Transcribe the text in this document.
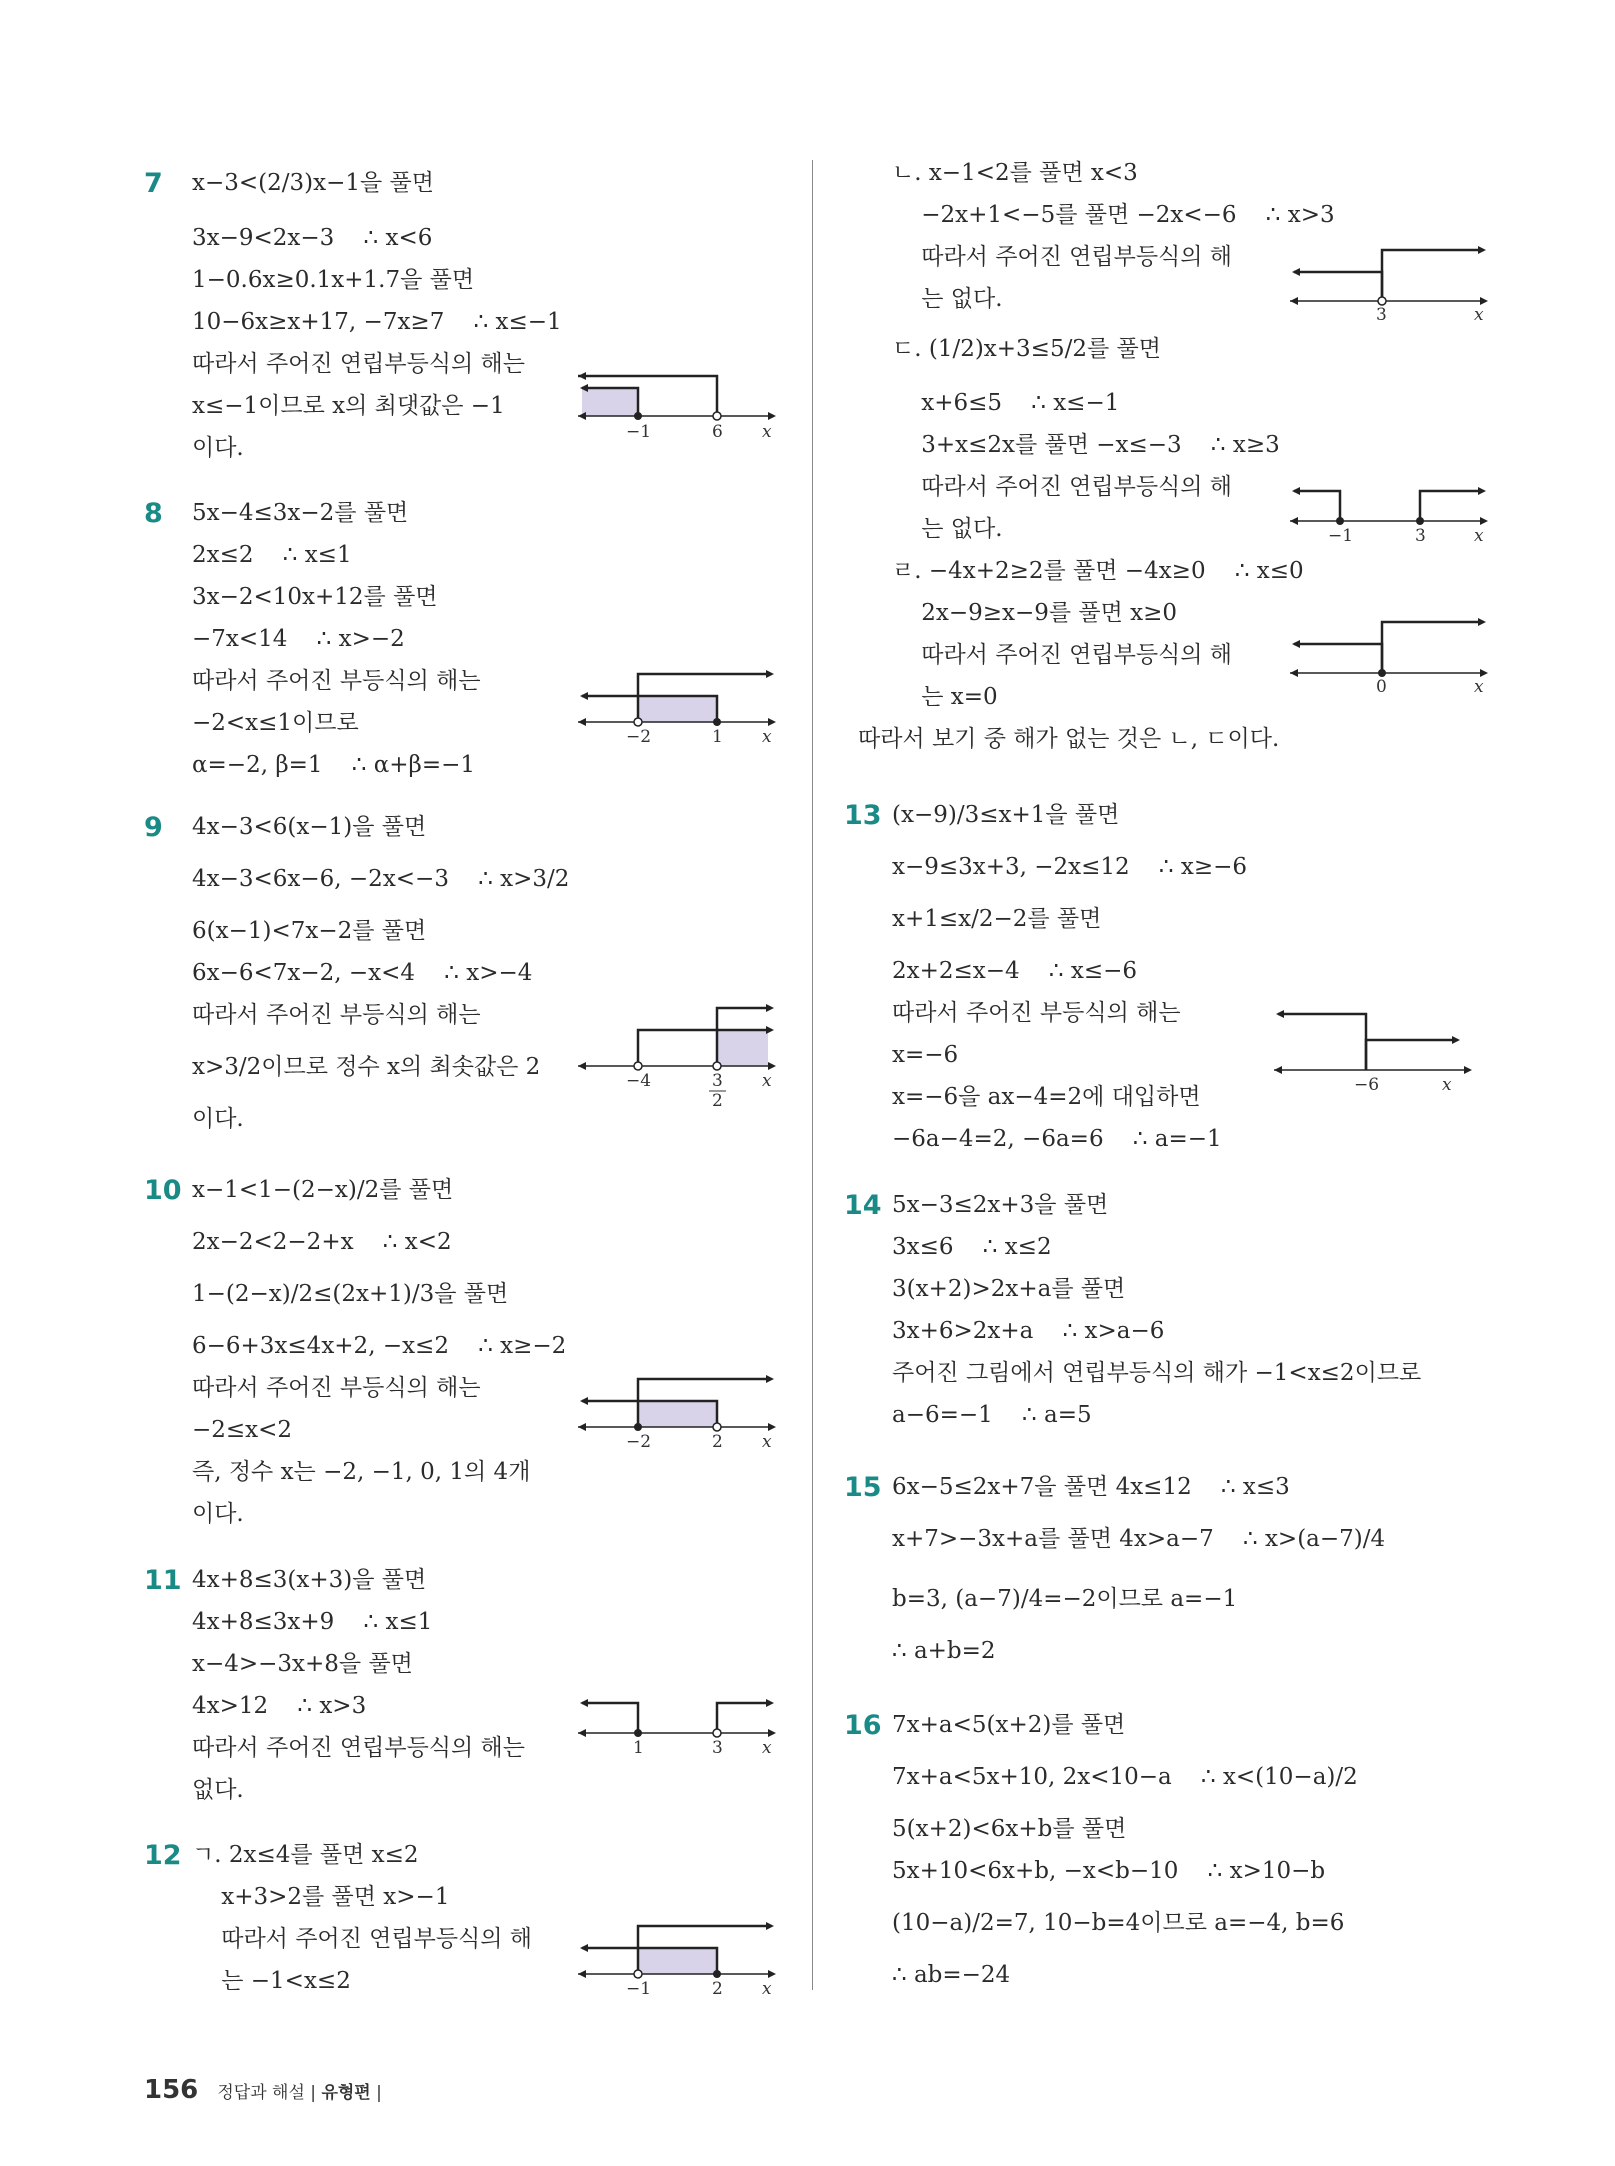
7 x−3<(2/3)x−1을 풀면
3x−9<2x−3    ∴ x<6
1−0.6x≥0.1x+1.7을 풀면
10−6x≥x+17, −7x≥7    ∴ x≤−1
따라서 주어진 연립부등식의 해는
x≤−1이므로 x의 최댓값은 −1
이다.
−1	6 x
8 5x−4≤3x−2를 풀면
2x≤2    ∴ x≤1
3x−2<10x+12를 풀면
−7x<14    ∴ x>−2
따라서 주어진 부등식의 해는
−2<x≤1이므로
α=−2, β=1    ∴ α+β=−1
−2	1 x
9 4x−3<6(x−1)을 풀면
4x−3<6x−6, −2x<−3    ∴ x>3/2
6(x−1)<7x−2를 풀면
6x−6<7x−2, −x<4    ∴ x>−4
따라서 주어진 부등식의 해는
x>3/2이므로 정수 x의 최솟값은 2
이다.
−4	3
2
x
10 x−1<1−(2−x)/2를 풀면
2x−2<2−2+x    ∴ x<2
1−(2−x)/2≤(2x+1)/3을 풀면
6−6+3x≤4x+2, −x≤2    ∴ x≥−2
따라서 주어진 부등식의 해는
−2≤x<2
즉, 정수 x는 −2, −1, 0, 1의 4개
이다.
−2	2 x
11 4x+8≤3(x+3)을 풀면
4x+8≤3x+9    ∴ x≤1
x−4>−3x+8을 풀면
4x>12    ∴ x>3
따라서 주어진 연립부등식의 해는
없다.
1	3 x
12 ㄱ. 2x≤4를 풀면 x≤2
x+3>2를 풀면 x>−1
따라서 주어진 연립부등식의 해
는 −1<x≤2	−1	2 x
ㄴ. x−1<2를 풀면 x<3
−2x+1<−5를 풀면 −2x<−6    ∴ x>3
따라서 주어진 연립부등식의 해
는 없다.
3	x
ㄷ. (1/2)x+3≤5/2를 풀면
x+6≤5    ∴ x≤−1
3+x≤2x를 풀면 −x≤−3    ∴ x≥3
따라서 주어진 연립부등식의 해
는 없다.	−1	3	x
ㄹ. −4x+2≥2를 풀면 −4x≥0    ∴ x≤0
2x−9≥x−9를 풀면 x≥0
따라서 주어진 연립부등식의 해
는 x=0	0	x
따라서 보기 중 해가 없는 것은 ㄴ, ㄷ이다.
13 (x−9)/3≤x+1을 풀면
x−9≤3x+3, −2x≤12    ∴ x≥−6
x+1≤x/2−2를 풀면
2x+2≤x−4    ∴ x≤−6
따라서 주어진 부등식의 해는
x=−6
x=−6을 ax−4=2에 대입하면
−6a−4=2, −6a=6    ∴ a=−1
−6	x
14 5x−3≤2x+3을 풀면
3x≤6    ∴ x≤2
3(x+2)>2x+a를 풀면
3x+6>2x+a    ∴ x>a−6
주어진 그림에서 연립부등식의 해가 −1<x≤2이므로
a−6=−1    ∴ a=5
15 6x−5≤2x+7을 풀면 4x≤12    ∴ x≤3
x+7>−3x+a를 풀면 4x>a−7    ∴ x>(a−7)/4
b=3, (a−7)/4=−2이므로 a=−1
∴ a+b=2
16 7x+a<5(x+2)를 풀면
7x+a<5x+10, 2x<10−a    ∴ x<(10−a)/2
5(x+2)<6x+b를 풀면
5x+10<6x+b, −x<b−10    ∴ x>10−b
(10−a)/2=7, 10−b=4이므로 a=−4, b=6
∴ ab=−24
156 정답과 해설 | 유형편 |
